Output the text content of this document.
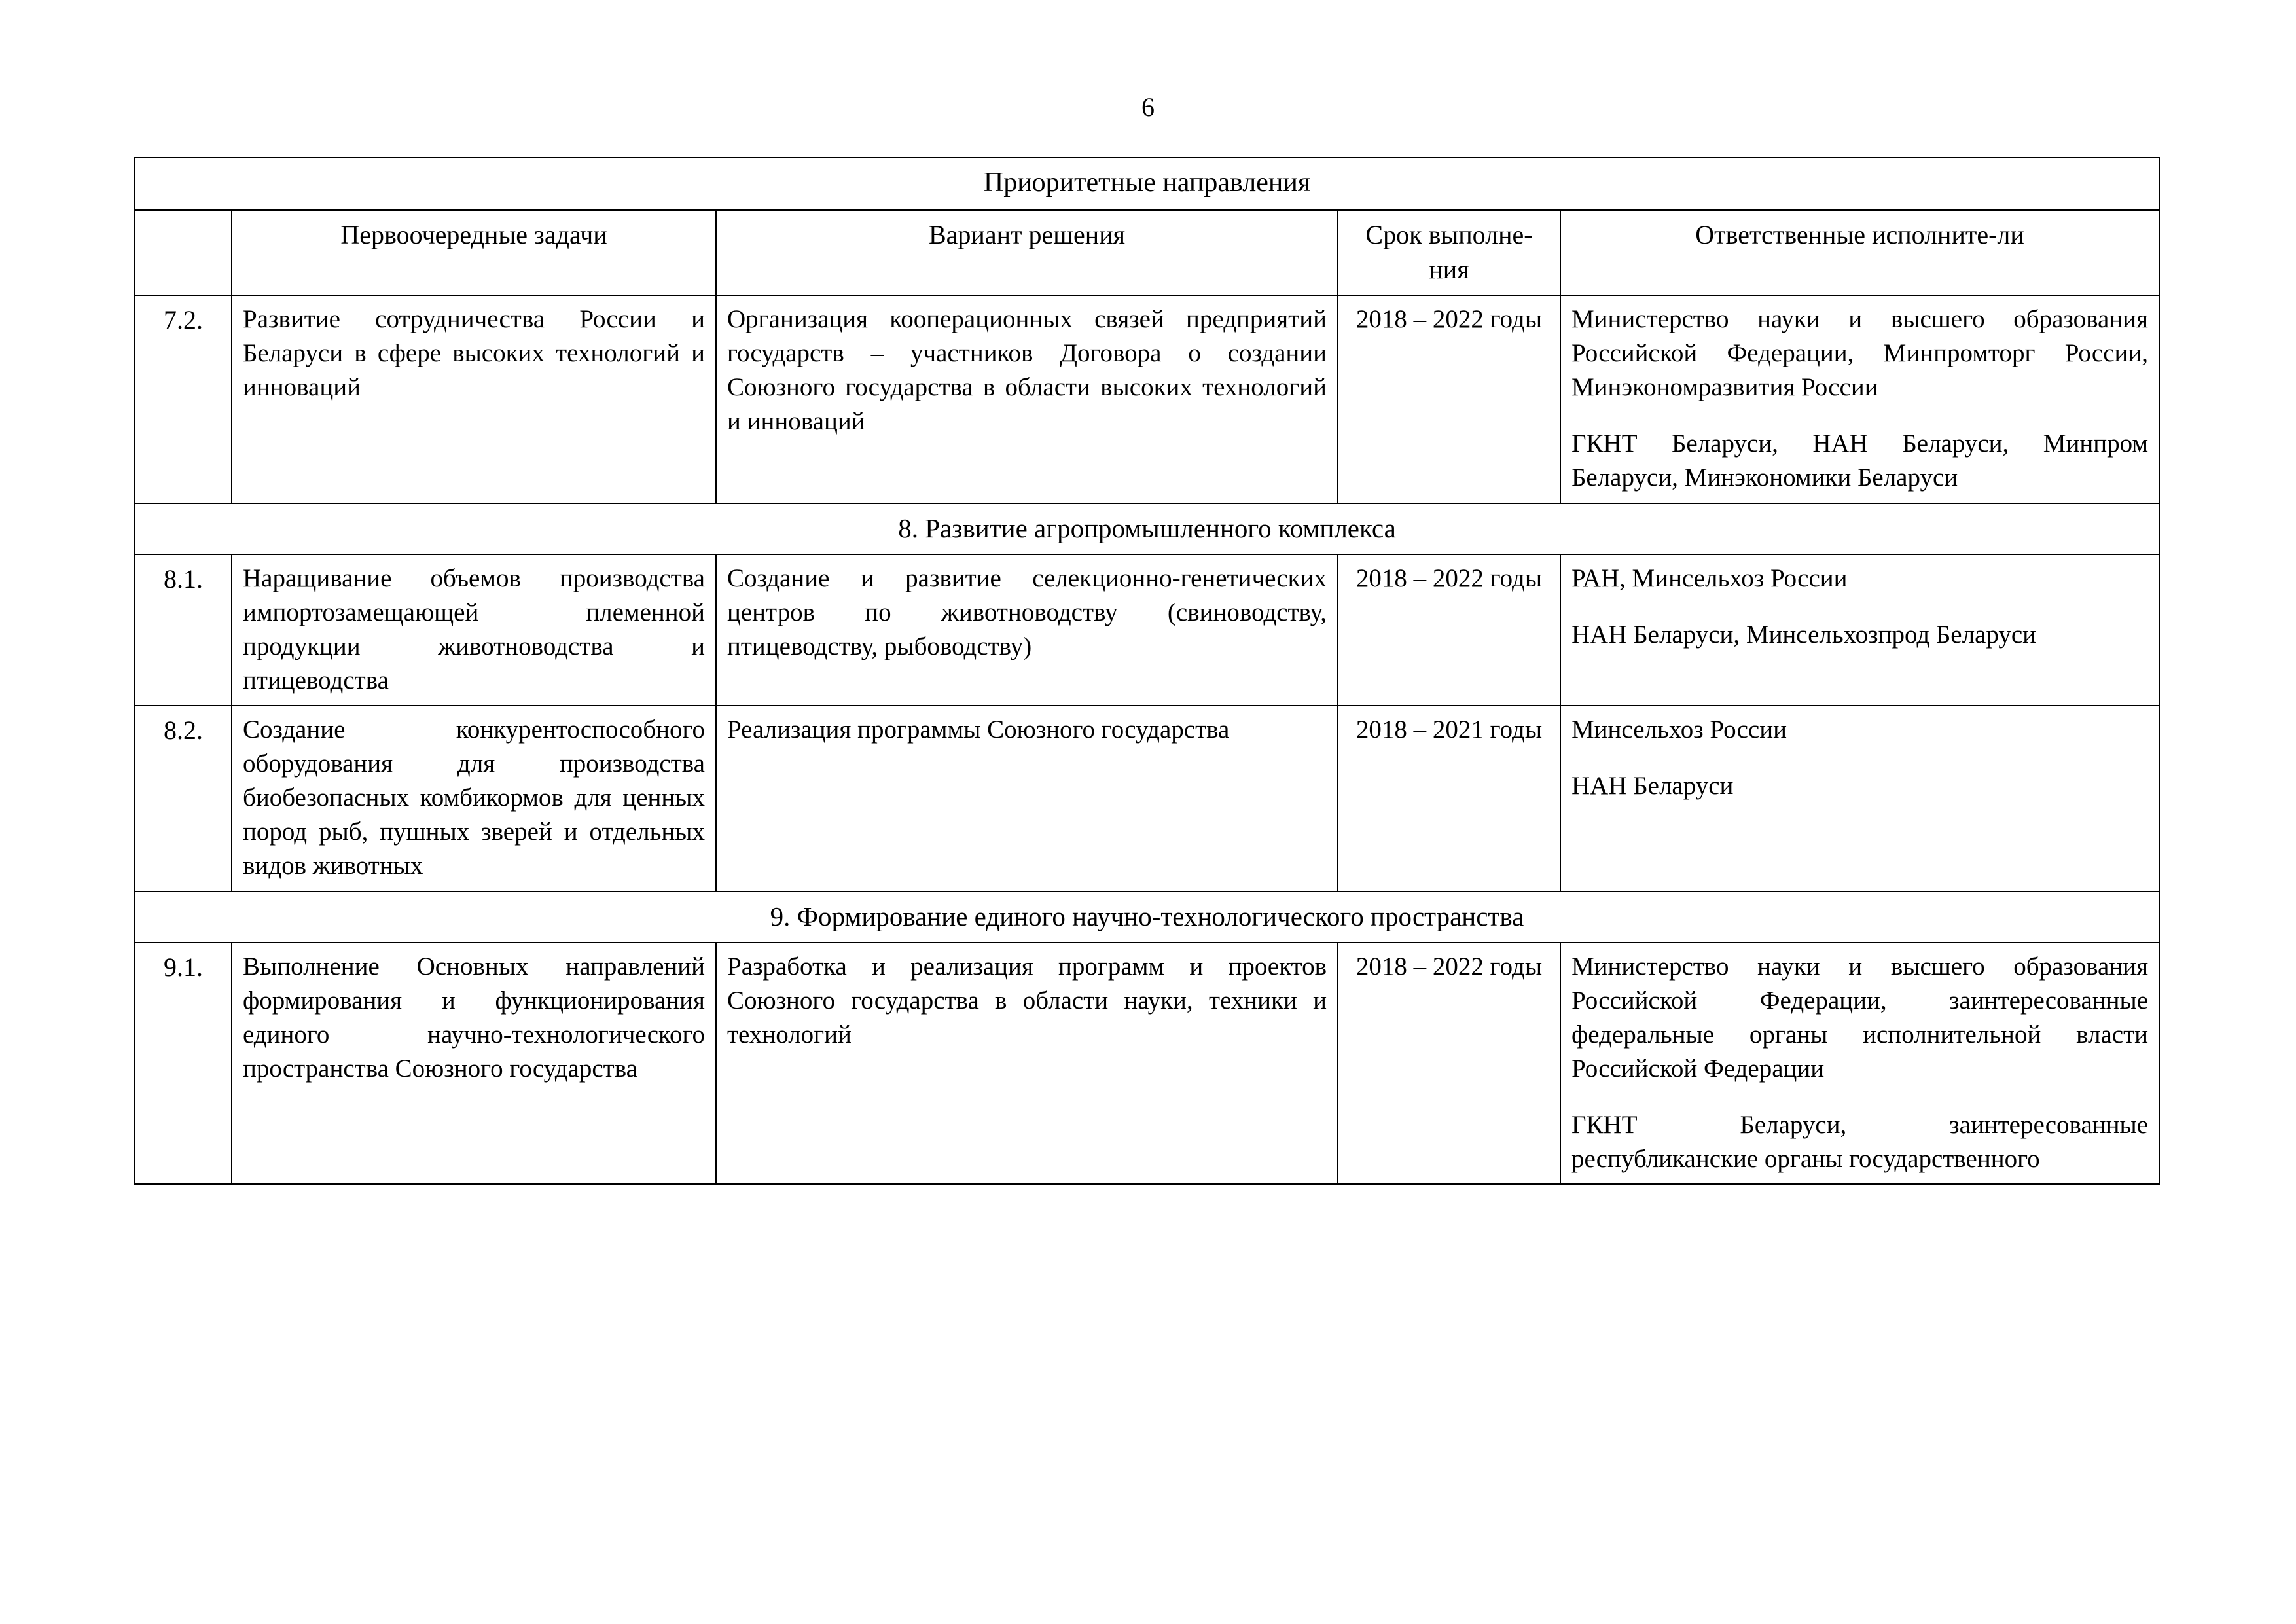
6
Приоритетные направления				
	Первоочередные задачи	Вариант решения	Срок выполне-ния	Ответственные исполните-ли
7.2.	Развитие сотрудничества России и Беларуси в сфере высоких технологий и инноваций	Организация кооперационных связей предприятий государств – участников Договора о создании Союзного государства в области высоких технологий и инноваций	2018 – 2022 годы	Министерство науки и высшего образования Российской Федерации, Минпромторг России, Минэкономразвития России

ГКНТ Беларуси, НАН Беларуси, Минпром Беларуси, Минэкономики Беларуси

8. Развитие агропромышленного комплекса				
8.1.	Наращивание объемов производства импортозамещающей племенной продукции животноводства и птицеводства	Создание и развитие селекционно-генетических центров по животноводству (свиноводству, птицеводству, рыбоводству)	2018 – 2022 годы	РАН, Минсельхоз России

НАН Беларуси, Минсельхозпрод Беларуси

8.2.	Создание конкурентоспособного оборудования для производства биобезопасных комбикормов для ценных пород рыб, пушных зверей и отдельных видов животных	Реализация программы Союзного государства	2018 – 2021 годы	Минсельхоз России

НАН Беларуси

9. Формирование единого научно-технологического пространства				
9.1.	Выполнение Основных направлений формирования и функционирования единого научно-технологического пространства Союзного государства	Разработка и реализация программ и проектов Союзного государства в области науки, техники и технологий	2018 – 2022 годы	Министерство науки и высшего образования Российской Федерации, заинтересованные федеральные органы исполнительной власти Российской Федерации

ГКНТ Беларуси, заинтересованные республиканские органы государственного
